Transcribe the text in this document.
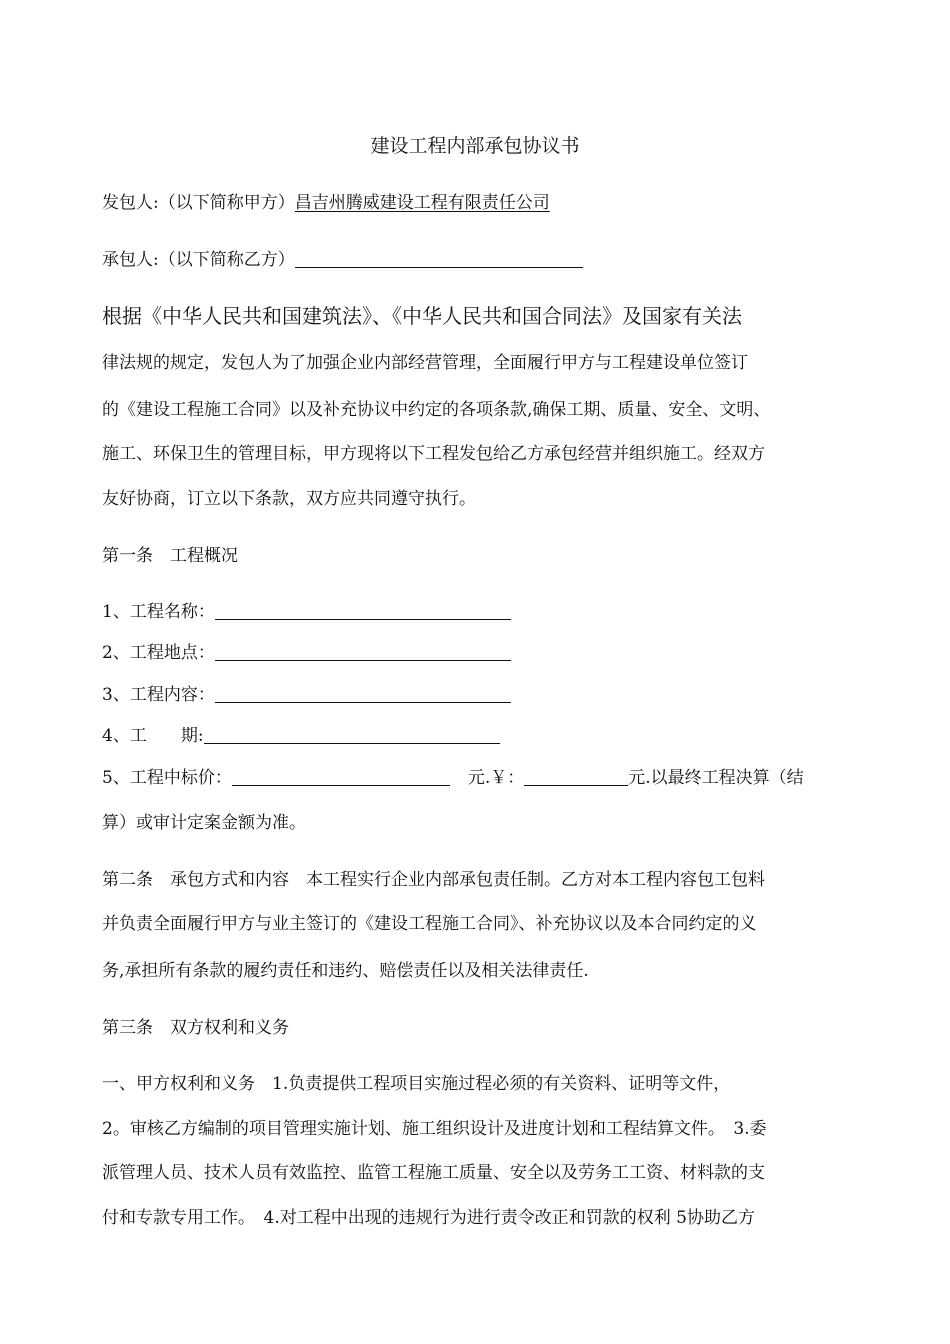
建设工程内部承包协议书
发包人:（以下简称甲方）昌吉州腾威建设工程有限责任公司
承包人:（以下简称乙方）
根据《中华人民共和国建筑法》、《中华人民共和国合同法》及国家有关法
律法规的规定，发包人为了加强企业内部经营管理，全面履行甲方与工程建设单位签订
的《建设工程施工合同》以及补充协议中约定的各项条款,确保工期、质量、安全、文明、
施工、环保卫生的管理目标，甲方现将以下工程发包给乙方承包经营并组织施工。经双方
友好协商，订立以下条款，双方应共同遵守执行。
第一条　工程概况
1、工程名称：
2、工程地点：
3、工程内容：
4、工　　期:
5、工程中标价：	元.￥：	元.以最终工程决算（结
算）或审计定案金额为准。
第二条　承包方式和内容　本工程实行企业内部承包责任制。乙方对本工程内容包工包料
并负责全面履行甲方与业主签订的《建设工程施工合同》、补充协议以及本合同约定的义
务,承担所有条款的履约责任和违约、赔偿责任以及相关法律责任.
第三条　双方权利和义务
一、甲方权利和义务　1.负责提供工程项目实施过程必须的有关资料、证明等文件，
2。审核乙方编制的项目管理实施计划、施工组织设计及进度计划和工程结算文件。　3.委
派管理人员、技术人员有效监控、监管工程施工质量、安全以及劳务工工资、材料款的支
付和专款专用工作。　4.对工程中出现的违规行为进行责令改正和罚款的权利 5协助乙方
